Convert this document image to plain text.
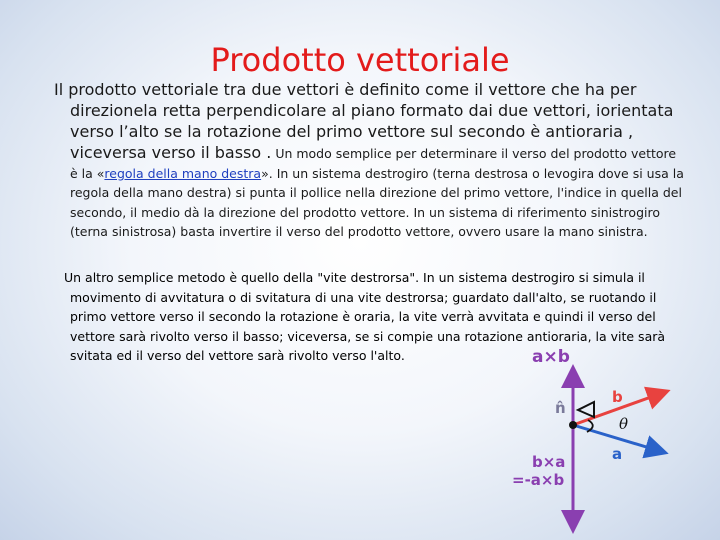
Prodotto vettoriale

Il prodotto vettoriale tra due vettori è definito come il vettore che ha per direzionela retta perpendicolare al piano formato dai due vettori, iorientata verso l’alto se la rotazione del primo vettore sul secondo è antioraria , viceversa verso il basso . Un modo semplice per determinare il verso del prodotto vettore è la «regola della mano destra». In un sistema destrogiro (terna destrosa o levogira dove si usa la regola della mano destra) si punta il pollice nella direzione del primo vettore, l'indice in quella del secondo, il medio dà la direzione del prodotto vettore. In un sistema di riferimento sinistrogiro (terna sinistrosa) basta invertire il verso del prodotto vettore, ovvero usare la mano sinistra.

Un altro semplice metodo è quello della "vite destrorsa". In un sistema destrogiro si simula il movimento di avvitatura o di svitatura di una vite destrorsa; guardato dall'alto, se ruotando il primo vettore verso il secondo la rotazione è oraria, la vite verrà avvitata e quindi il verso del vettore sarà rivolto verso il basso; viceversa, se si compie una rotazione antioraria, la vite sarà svitata ed il verso del vettore sarà rivolto verso l'alto.	a×b
n̂
b
a
θ
b×a
=-a×b
